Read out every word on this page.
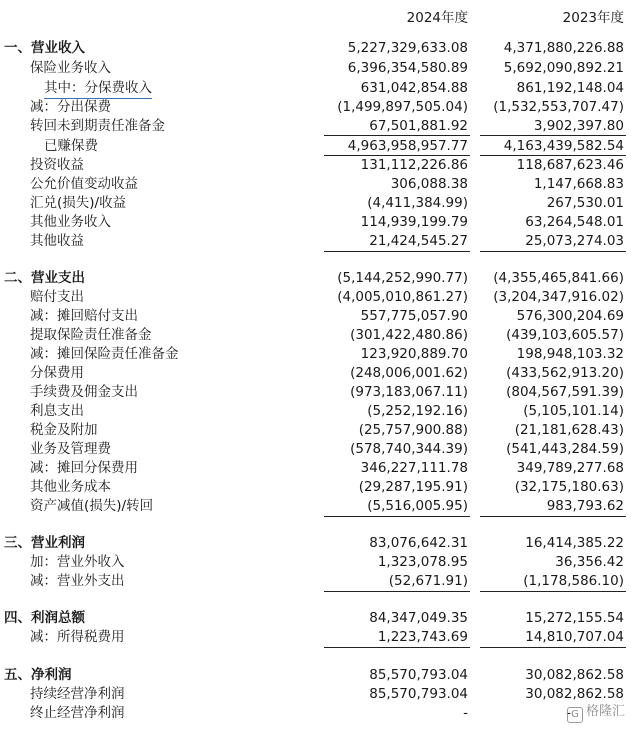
2024年度	2023年度
一、营业收入	5,227,329,633.08	4,371,880,226.88
保险业务收入	6,396,354,580.89	5,692,090,892.21
其中：分保费收入	631,042,854.88	861,192,148.04
减：分出保费	(1,499,897,505.04) (1,532,553,707.47)
转回未到期责任准备金	67,501,881.92	3,902,397.80
已赚保费	4,963,958,957.77	4,163,439,582.54
投资收益	131,112,226.86	118,687,623.46
公允价值变动收益	306,088.38	1,147,668.83
汇兑(损失)/收益	(4,411,384.99)	267,530.01
其他业务收入	114,939,199.79	63,264,548.01
其他收益	21,424,545.27	25,073,274.03
二、营业支出	(5,144,252,990.77) (4,355,465,841.66)
赔付支出	(4,005,010,861.27) (3,204,347,916.02)
减：摊回赔付支出	557,775,057.90	576,300,204.69
提取保险责任准备金	(301,422,480.86)	(439,103,605.57)
减：摊回保险责任准备金	123,920,889.70	198,948,103.32
分保费用	(248,006,001.62)	(433,562,913.20)
手续费及佣金支出	(973,183,067.11)	(804,567,591.39)
利息支出	(5,252,192.16)	(5,105,101.14)
税金及附加	(25,757,900.88)	(21,181,628.43)
业务及管理费	(578,740,344.39)	(541,443,284.59)
减：摊回分保费用	346,227,111.78	349,789,277.68
其他业务成本	(29,287,195.91)	(32,175,180.63)
资产减值(损失)/转回	(5,516,005.95)	983,793.62
三、营业利润	83,076,642.31	16,414,385.22
加：营业外收入	1,323,078.95	36,356.42
减：营业外支出	(52,671.91)	(1,178,586.10)
四、利润总额	84,347,049.35	15,272,155.54
减：所得税费用	1,223,743.69	14,810,707.04
五、净利润	85,570,793.04	30,082,862.58
持续经营净利润	85,570,793.04	30,082,862.58
终止经营净利润	-	- G 格隆汇
